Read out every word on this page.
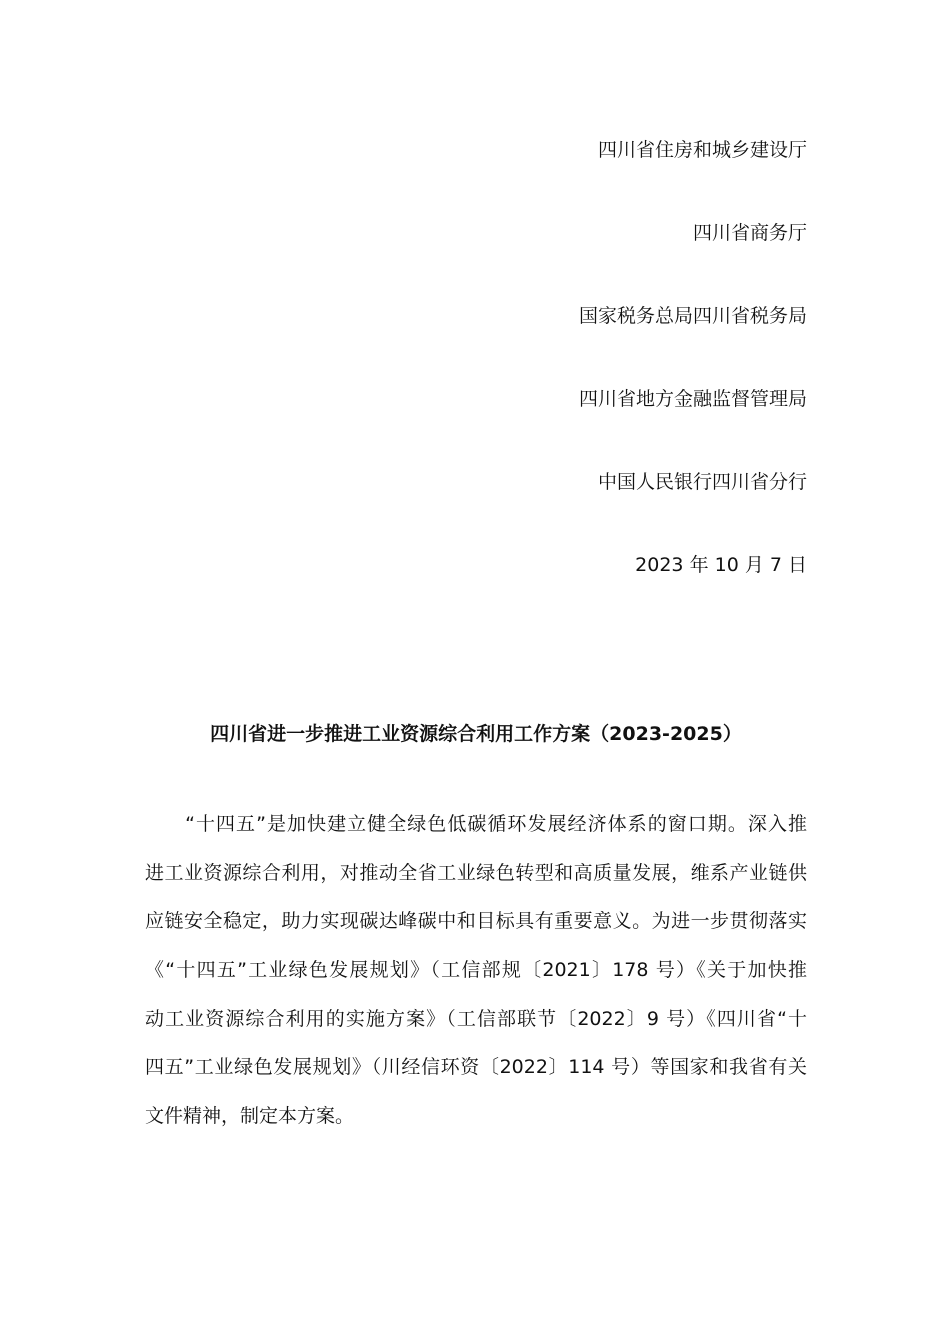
四川省住房和城乡建设厅
四川省商务厅
国家税务总局四川省税务局
四川省地方金融监督管理局
中国人民银行四川省分行
2023 年 10 月 7 日
四川省进一步推进工业资源综合利用工作方案（2023-2025）
　　“十四五”是加快建立健全绿色低碳循环发展经济体系的窗口期。深入推
进工业资源综合利用，对推动全省工业绿色转型和高质量发展，维系产业链供
应链安全稳定，助力实现碳达峰碳中和目标具有重要意义。为进一步贯彻落实
《“十四五”工业绿色发展规划》（工信部规〔2021〕178 号）《关于加快推
动工业资源综合利用的实施方案》（工信部联节〔2022〕9 号）《四川省“十
四五”工业绿色发展规划》（川经信环资〔2022〕114 号）等国家和我省有关
文件精神，制定本方案。
